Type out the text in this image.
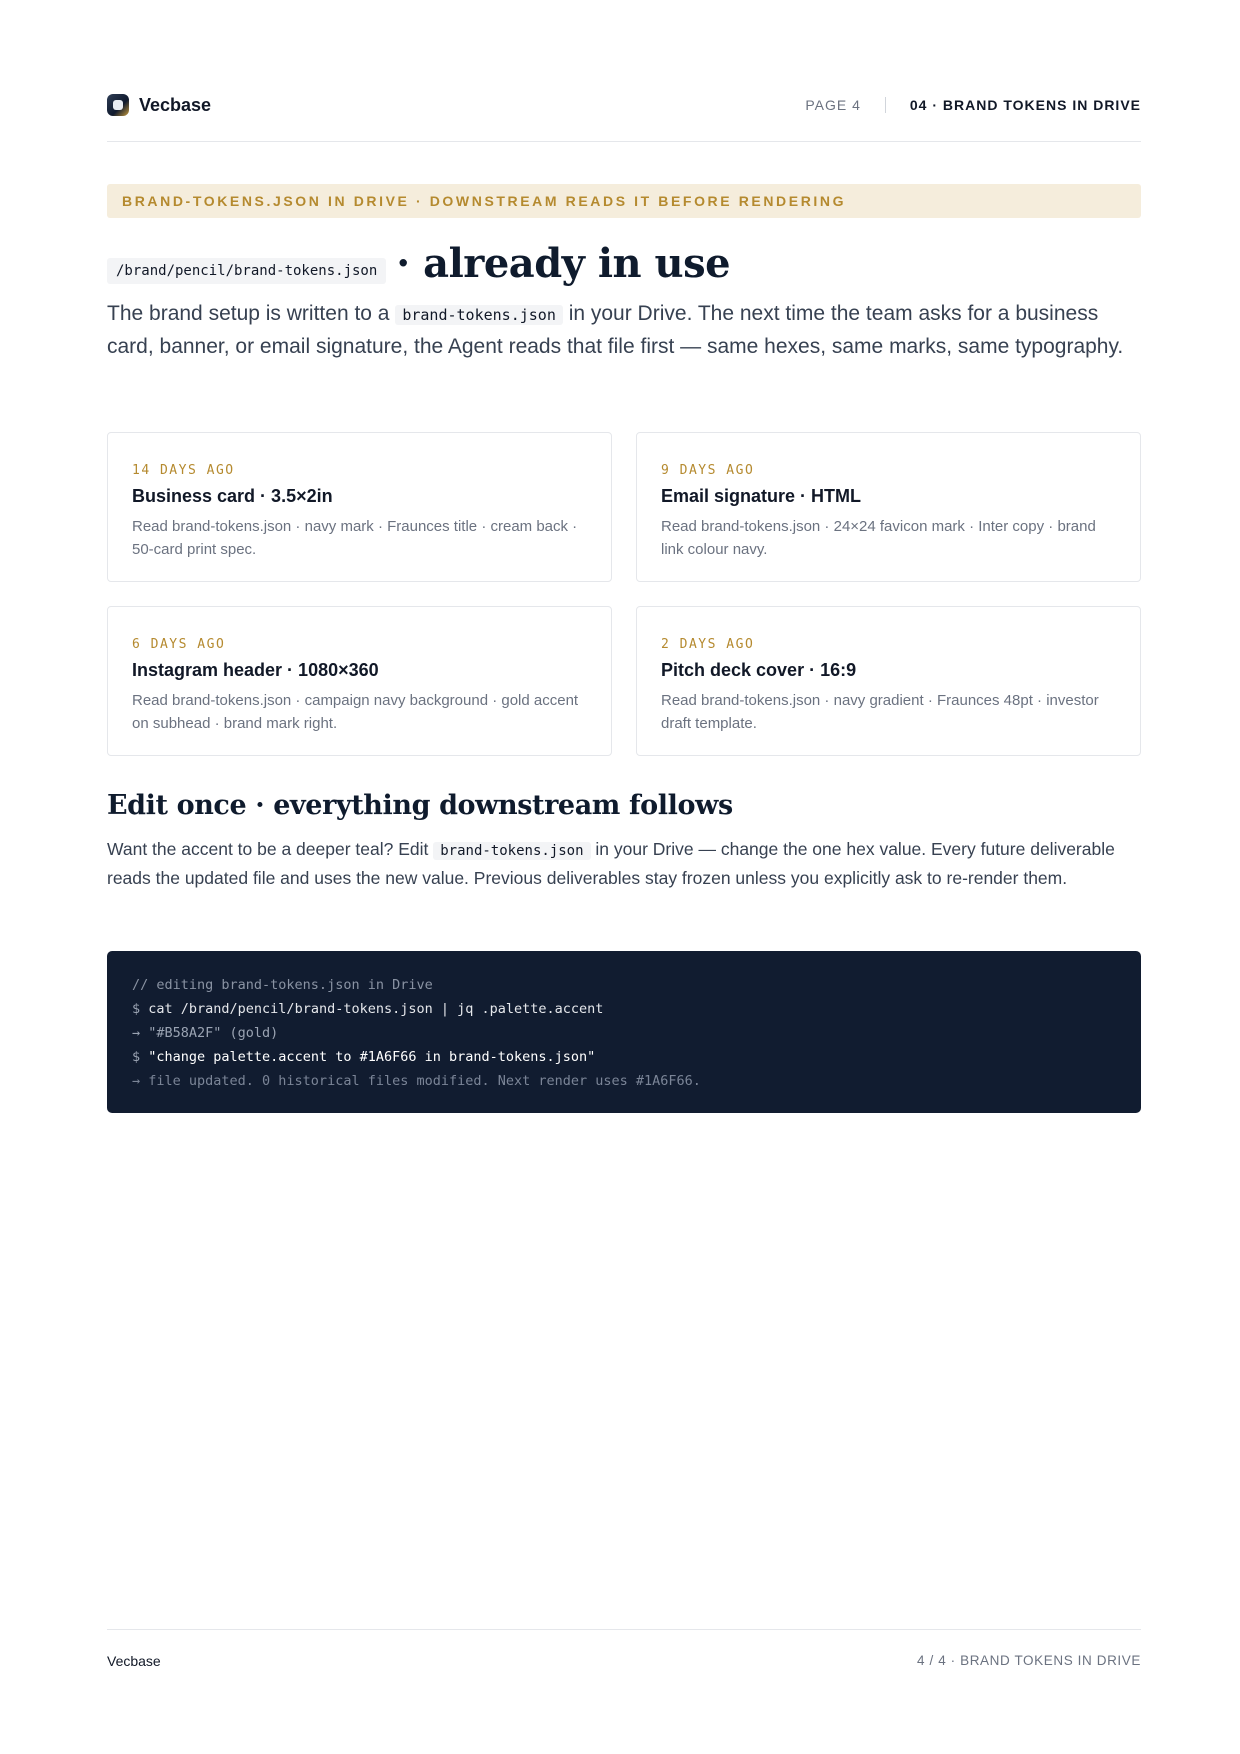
Vecbase	PAGE 4	04 · BRAND TOKENS IN DRIVE
BRAND-TOKENS.JSON IN DRIVE · DOWNSTREAM READS IT BEFORE RENDERING
/brand/pencil/brand-tokens.json · already in use

The brand setup is written to a brand-tokens.json in your Drive. The next time the team asks for a business card, banner, or email signature, the Agent reads that file first — same hexes, same marks, same typography.

14 DAYS AGO
Business card · 3.5×2in
Read brand-tokens.json · navy mark · Fraunces title · cream back · 50-card print spec.
9 DAYS AGO
Email signature · HTML
Read brand-tokens.json · 24×24 favicon mark · Inter copy · brand link colour navy.
6 DAYS AGO
Instagram header · 1080×360
Read brand-tokens.json · campaign navy background · gold accent on subhead · brand mark right.
2 DAYS AGO
Pitch deck cover · 16:9
Read brand-tokens.json · navy gradient · Fraunces 48pt · investor draft template.
Edit once · everything downstream follows

Want the accent to be a deeper teal? Edit brand-tokens.json in your Drive — change the one hex value. Every future deliverable reads the updated file and uses the new value. Previous deliverables stay frozen unless you explicitly ask to re-render them.

// editing brand-tokens.json in Drive
$ cat /brand/pencil/brand-tokens.json | jq .palette.accent
→ "#B58A2F" (gold)
$ "change palette.accent to #1A6F66 in brand-tokens.json"
→ file updated. 0 historical files modified. Next render uses #1A6F66.
Vecbase	4 / 4 · BRAND TOKENS IN DRIVE
